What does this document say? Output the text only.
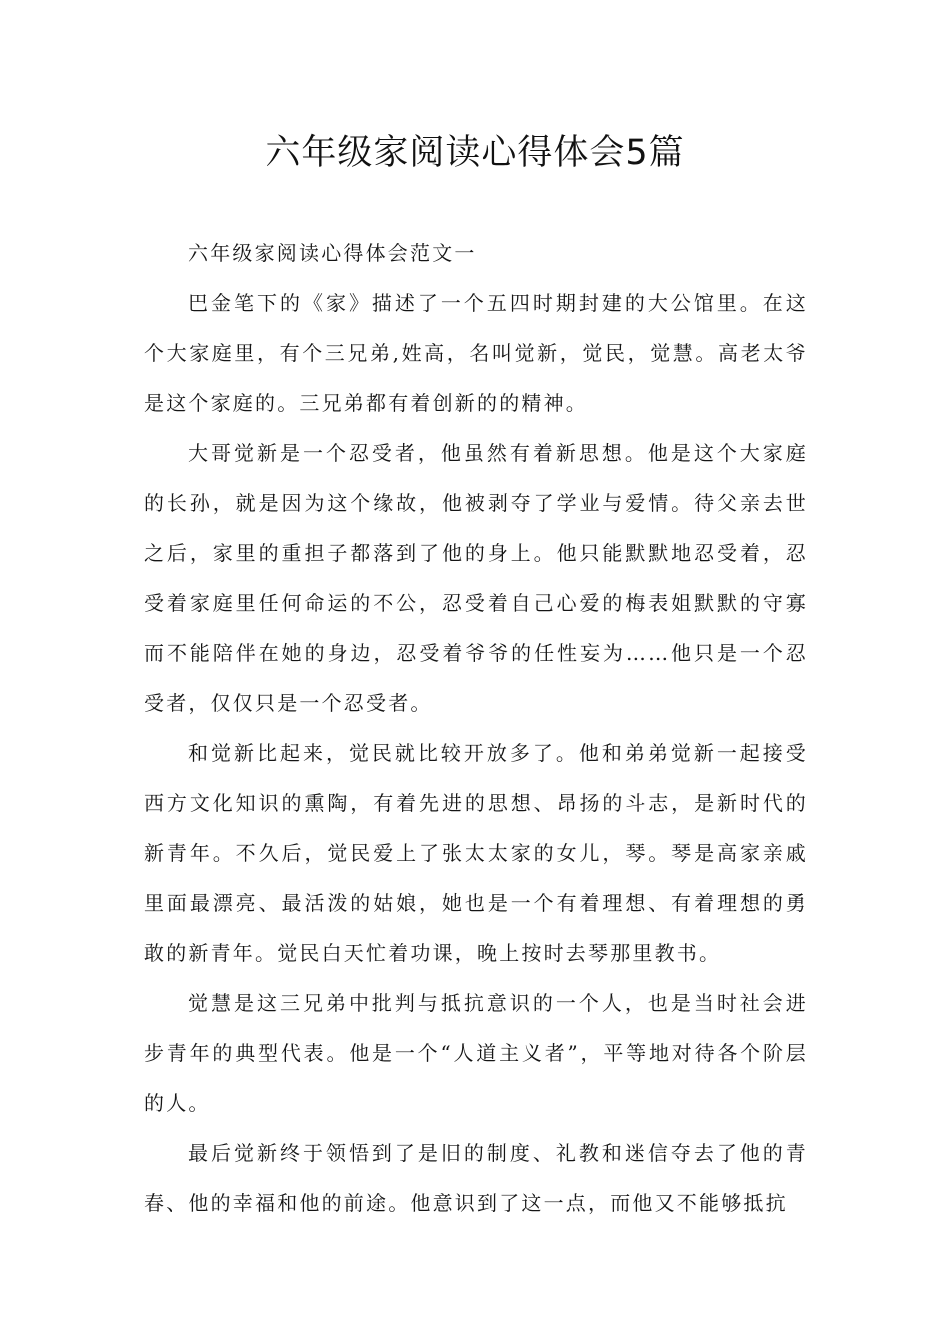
六年级家阅读心得体会5篇

六年级家阅读心得体会范文一

巴金笔下的《家》描述了一个五四时期封建的大公馆里。在这个大家庭里，有个三兄弟,姓高，名叫觉新，觉民，觉慧。高老太爷是这个家庭的。三兄弟都有着创新的的精神。

大哥觉新是一个忍受者，他虽然有着新思想。他是这个大家庭的长孙，就是因为这个缘故，他被剥夺了学业与爱情。待父亲去世之后，家里的重担子都落到了他的身上。他只能默默地忍受着，忍受着家庭里任何命运的不公，忍受着自己心爱的梅表姐默默的守寡而不能陪伴在她的身边，忍受着爷爷的任性妄为……他只是一个忍受者，仅仅只是一个忍受者。

和觉新比起来，觉民就比较开放多了。他和弟弟觉新一起接受西方文化知识的熏陶，有着先进的思想、昂扬的斗志，是新时代的新青年。不久后，觉民爱上了张太太家的女儿，琴。琴是高家亲戚里面最漂亮、最活泼的姑娘，她也是一个有着理想、有着理想的勇敢的新青年。觉民白天忙着功课，晚上按时去琴那里教书。

觉慧是这三兄弟中批判与抵抗意识的一个人，也是当时社会进步青年的典型代表。他是一个“人道主义者”，平等地对待各个阶层的人。

最后觉新终于领悟到了是旧的制度、礼教和迷信夺去了他的青春、他的幸福和他的前途。他意识到了这一点，而他又不能够抵抗
